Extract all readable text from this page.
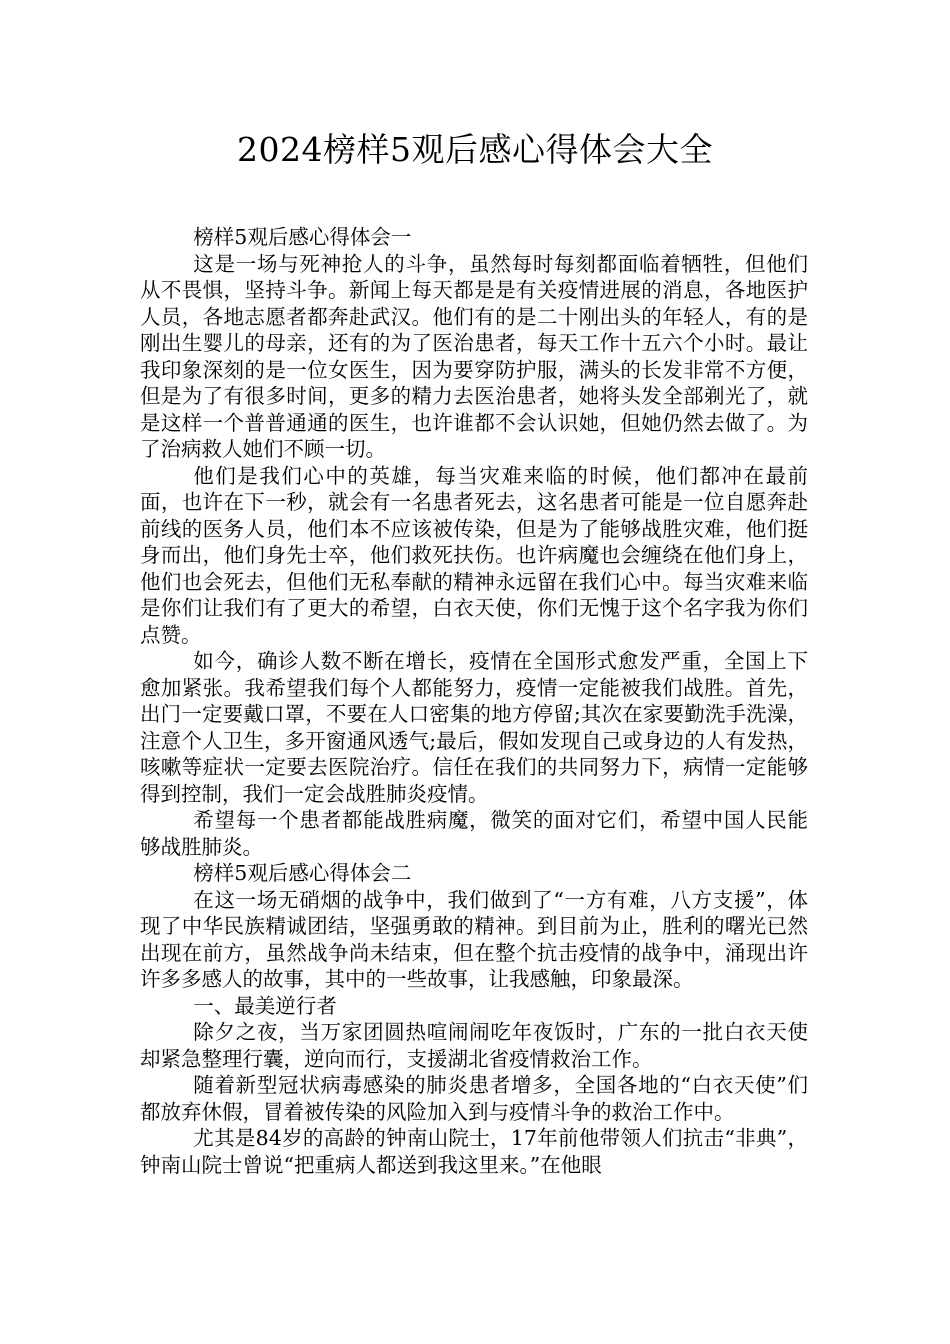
2024榜样5观后感心得体会大全

榜样5观后感心得体会一

这是一场与死神抢人的斗争，虽然每时每刻都面临着牺牲，但他们从不畏惧，坚持斗争。新闻上每天都是是有关疫情进展的消息，各地医护人员，各地志愿者都奔赴武汉。他们有的是二十刚出头的年轻人，有的是刚出生婴儿的母亲，还有的为了医治患者，每天工作十五六个小时。最让我印象深刻的是一位女医生，因为要穿防护服，满头的长发非常不方便，但是为了有很多时间，更多的精力去医治患者，她将头发全部剃光了，就是这样一个普普通通的医生，也许谁都不会认识她，但她仍然去做了。为了治病救人她们不顾一切。

他们是我们心中的英雄，每当灾难来临的时候，他们都冲在最前面，也许在下一秒，就会有一名患者死去，这名患者可能是一位自愿奔赴前线的医务人员，他们本不应该被传染，但是为了能够战胜灾难，他们挺身而出，他们身先士卒，他们救死扶伤。也许病魔也会缠绕在他们身上，他们也会死去，但他们无私奉献的精神永远留在我们心中。每当灾难来临是你们让我们有了更大的希望，白衣天使，你们无愧于这个名字我为你们点赞。

如今，确诊人数不断在增长，疫情在全国形式愈发严重，全国上下愈加紧张。我希望我们每个人都能努力，疫情一定能被我们战胜。首先，出门一定要戴口罩，不要在人口密集的地方停留;其次在家要勤洗手洗澡，注意个人卫生，多开窗通风透气;最后，假如发现自己或身边的人有发热，咳嗽等症状一定要去医院治疗。信任在我们的共同努力下，病情一定能够得到控制，我们一定会战胜肺炎疫情。

希望每一个患者都能战胜病魔，微笑的面对它们，希望中国人民能够战胜肺炎。

榜样5观后感心得体会二

在这一场无硝烟的战争中，我们做到了“一方有难，八方支援”，体现了中华民族精诚团结，坚强勇敢的精神。到目前为止，胜利的曙光已然出现在前方，虽然战争尚未结束，但在整个抗击疫情的战争中，涌现出许许多多感人的故事，其中的一些故事，让我感触，印象最深。

一、最美逆行者

除夕之夜，当万家团圆热喧闹闹吃年夜饭时，广东的一批白衣天使却紧急整理行囊，逆向而行，支援湖北省疫情救治工作。

随着新型冠状病毒感染的肺炎患者增多，全国各地的“白衣天使”们都放弃休假，冒着被传染的风险加入到与疫情斗争的救治工作中。

尤其是84岁的高龄的钟南山院士，17年前他带领人们抗击“非典”，钟南山院士曾说“把重病人都送到我这里来。”在他眼
